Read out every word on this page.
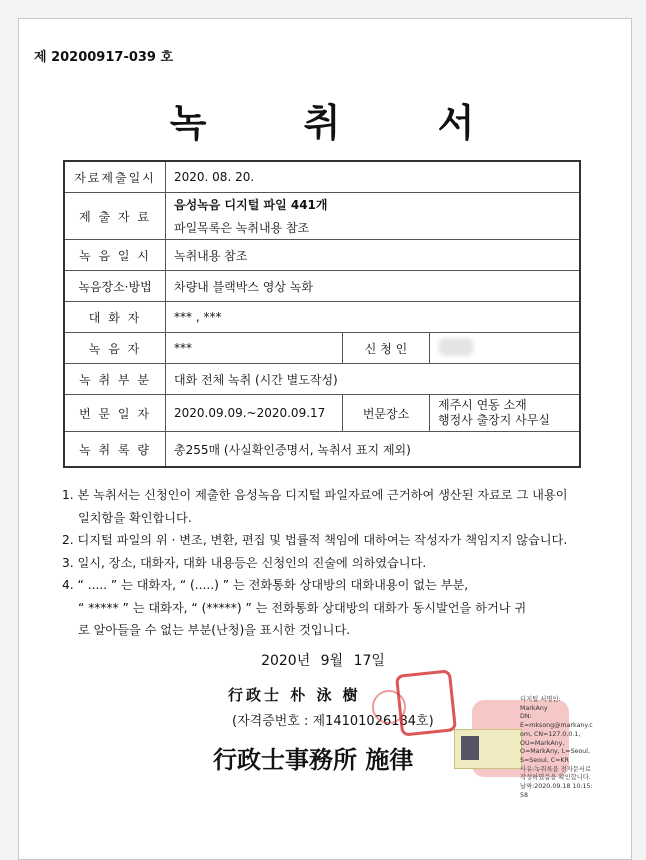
제 20200917-039 호
녹 취 서
자료제출일시	2020. 08. 20.		
제 출 자 료	음성녹음 디지털 파일 441개
파일목록은 녹취내용 참조		

녹 음 일 시	녹취내용 참조		
녹음장소·방법	차량내 블랙박스 영상 녹화		
대 화 자	*** , ***		
녹 음 자	***	신 청 인	
녹 취 부 분	대화 전체 녹취 (시간 별도작성)		
번 문 일 자	2020.09.09.~2020.09.17	번문장소	제주시 연동 소재
행정사 출장지 사무실

녹 취 록 량	총255매 (사실확인증명서, 녹취서 표지 제외)		

1. 본 녹취서는 신청인이 제출한 음성녹음 디지털 파일자료에 근거하여 생산된 자료로 그 내용이

일치함을 확인합니다.

2. 디지털 파일의 위 · 변조, 변환, 편집 및 법률적 책임에 대하여는 작성자가 책임지지 않습니다.

3. 일시, 장소, 대화자, 대화 내용등은 신청인의 진술에 의하였습니다.

4. “ ..... ” 는 대화자, “ (.....) ” 는 전화통화 상대방의 대화내용이 없는 부분,

“ ***** ” 는 대화자, “ (*****) ” 는 전화통화 상대방의 대화가 동시발언을 하거나 귀

로 알아들을 수 없는 부분(난청)을 표시한 것입니다.

2020년 9월 17일
行政士 朴 泳 樹
(자격증번호 : 제14101026184호)
行政士事務所 施律
디지털 서명인:
MarkAny
DN:
E=mksong@markany.com, CN=127.0.0.1,
OU=MarkAny,
O=MarkAny, L=Seoul,
S=Seoul, C=KR
사유:녹취록을 전자문서로 작성하였음을 확인합니다.
날짜:2020.09.18 10:15:58
